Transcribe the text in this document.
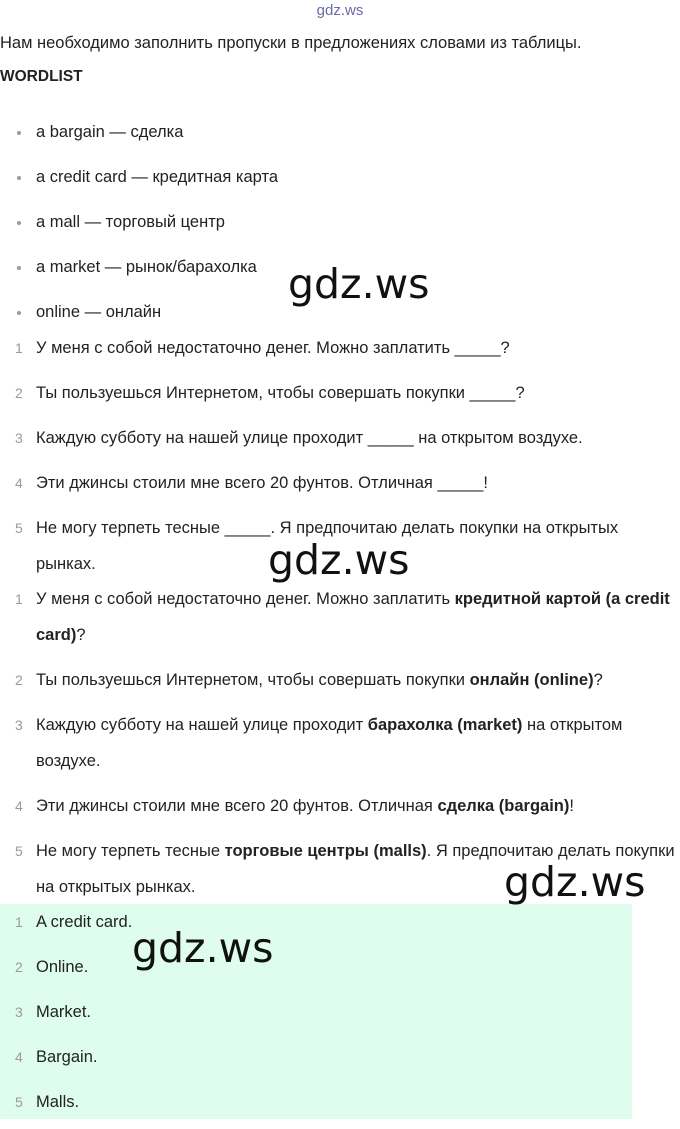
gdz.ws
Нам необходимо заполнить пропуски в предложениях словами из таблицы.
WORDLIST
a bargain — сделка
a credit card — кредитная карта
a mall — торговый центр
a market — рынок/барахолка
online — онлайн
1 У меня с собой недостаточно денег. Можно заплатить _____?
2 Ты пользуешься Интернетом, чтобы совершать покупки _____?
3 Каждую субботу на нашей улице проходит _____ на открытом воздухе.
4 Эти джинсы стоили мне всего 20 фунтов. Отличная _____!
5 Не могу терпеть тесные _____. Я предпочитаю делать покупки на открытых рынках.
1 У меня с собой недостаточно денег. Можно заплатить кредитной картой (a credit card)?
2 Ты пользуешься Интернетом, чтобы совершать покупки онлайн (online)?
3 Каждую субботу на нашей улице проходит барахолка (market) на открытом воздухе.
4 Эти джинсы стоили мне всего 20 фунтов. Отличная сделка (bargain)!
5 Не могу терпеть тесные торговые центры (malls). Я предпочитаю делать покупки на открытых рынках.
1 A credit card.
2 Online.
3 Market.
4 Bargain.
5 Malls.
gdz.ws
gdz.ws
gdz.ws
gdz.ws
